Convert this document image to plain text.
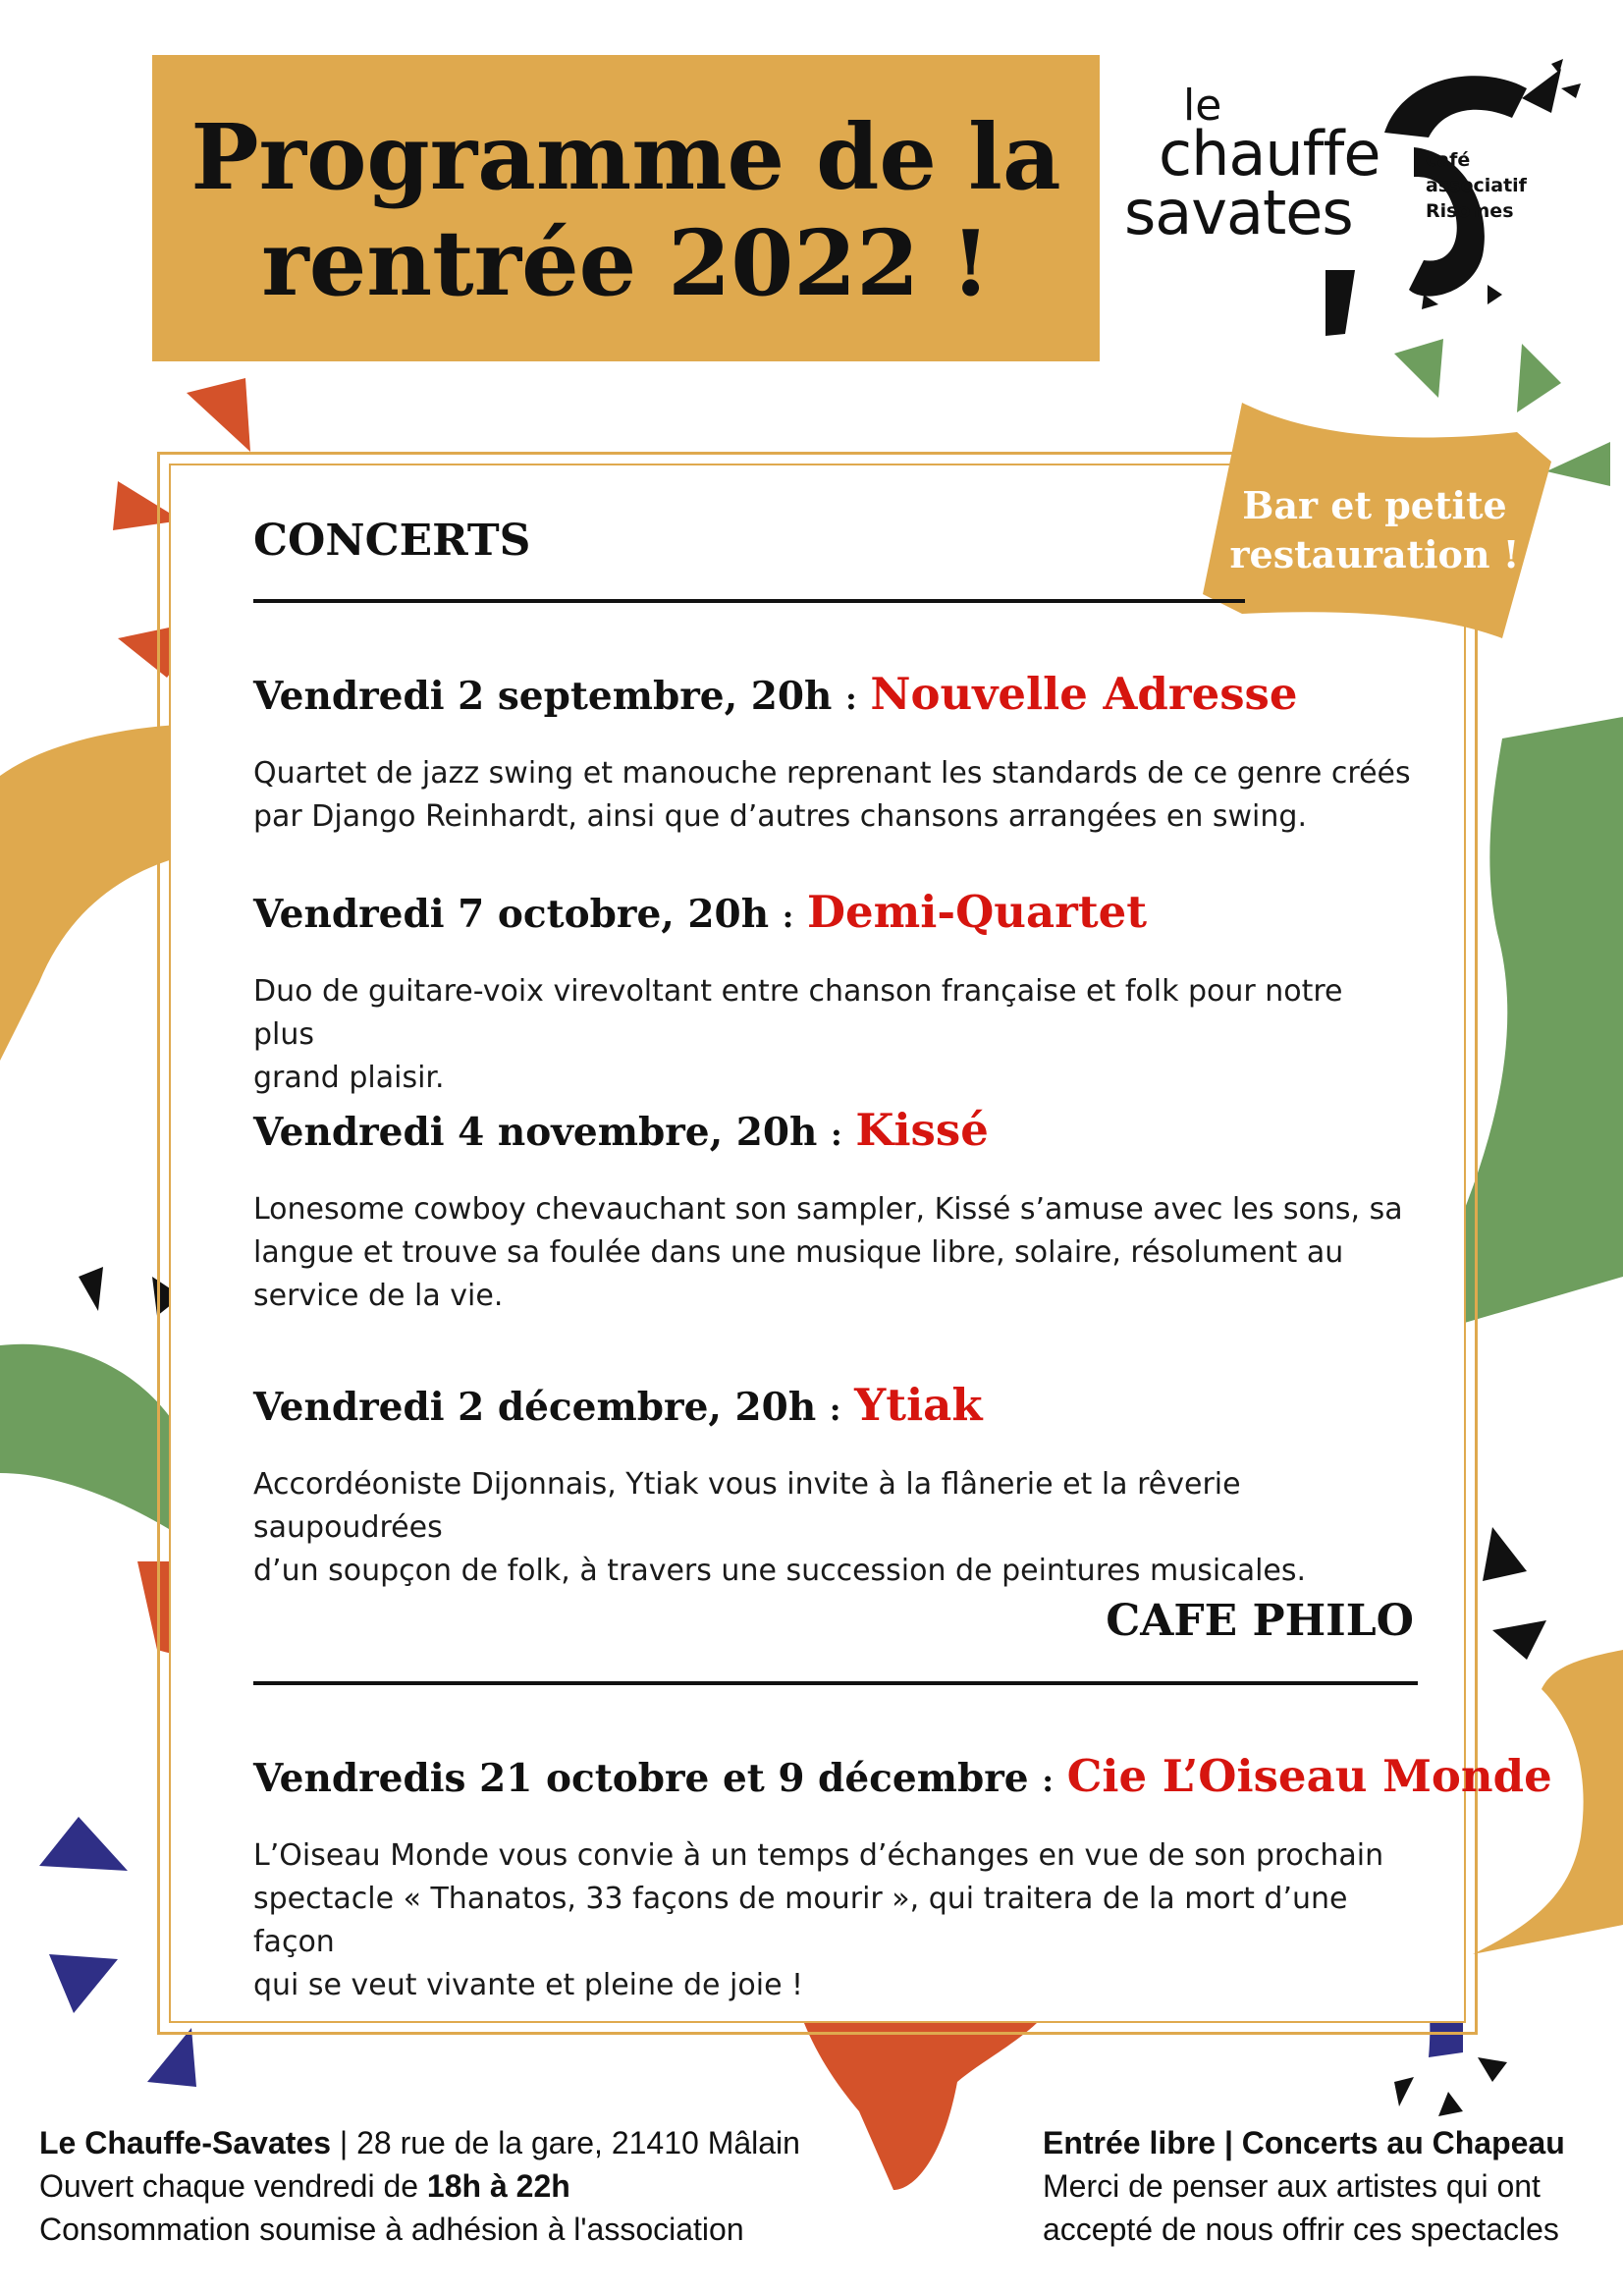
Programme de la
rentrée 2022 !
le
chauffe
savates
café
associatif
Risomes
Bar et petite
restauration !
CONCERTS
Vendredi 2 septembre, 20h : Nouvelle Adresse
Quartet de jazz swing et manouche reprenant les standards de ce genre créés
par Django Reinhardt, ainsi que d’autres chansons arrangées en swing.
Vendredi 7 octobre, 20h : Demi-Quartet
Duo de guitare-voix virevoltant entre chanson française et folk pour notre plus
grand plaisir.
Vendredi 4 novembre, 20h : Kissé
Lonesome cowboy chevauchant son sampler, Kissé s’amuse avec les sons, sa
langue et trouve sa foulée dans une musique libre, solaire, résolument au
service de la vie.
Vendredi 2 décembre, 20h : Ytiak
Accordéoniste Dijonnais, Ytiak vous invite à la flânerie et la rêverie saupoudrées
d’un soupçon de folk, à travers une succession de peintures musicales.
CAFE PHILO
Vendredis 21 octobre et 9 décembre : Cie L’Oiseau Monde
L’Oiseau Monde vous convie à un temps d’échanges en vue de son prochain
spectacle « Thanatos, 33 façons de mourir », qui traitera de la mort d’une façon
qui se veut vivante et pleine de joie !
Le Chauffe-Savates | 28 rue de la gare, 21410 Mâlain
Ouvert chaque vendredi de 18h à 22h
Consommation soumise à adhésion à l'association
Entrée libre | Concerts au Chapeau
Merci de penser aux artistes qui ont
accepté de nous offrir ces spectacles
